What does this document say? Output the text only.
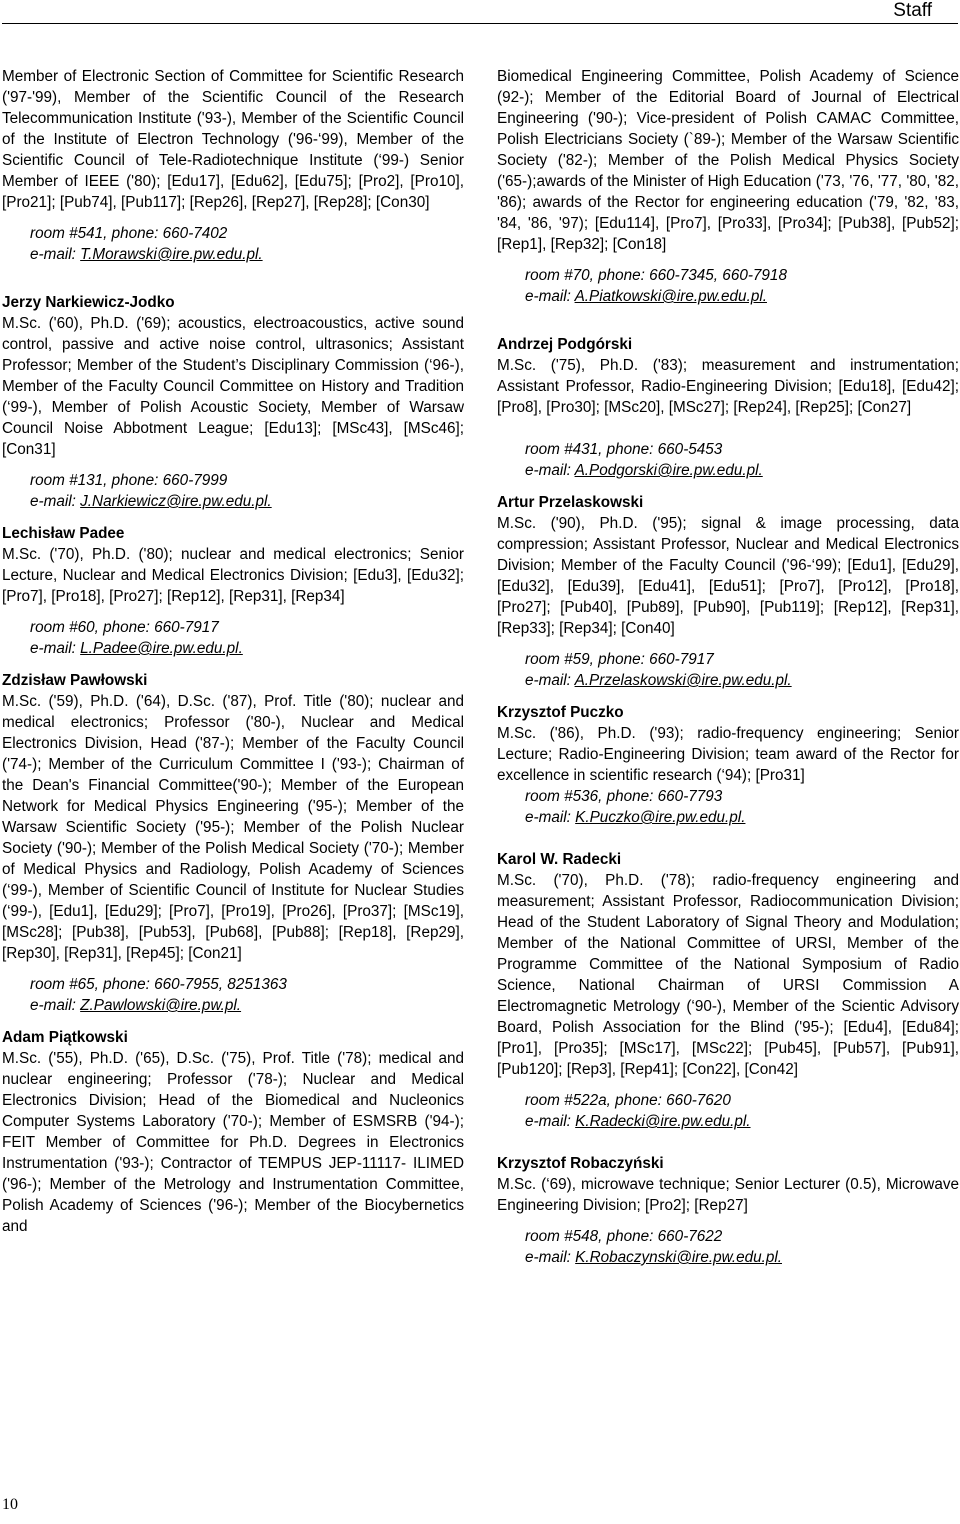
Staff

Member of Electronic Section of Committee for Scientific Research ('97-'99), Member of the Scientific Council of the Research Telecommunication Institute ('93-), Member of the Scientific Council of the Institute of Electron Technology ('96-‘99), Member of the Scientific Council of Tele-Radiotechnique Institute (‘99-) Senior Member of IEEE ('80); [Edu17], [Edu62], [Edu75]; [Pro2], [Pro10], [Pro21]; [Pub74], [Pub117]; [Rep26], [Rep27], [Rep28]; [Con30]

room #541, phone: 660-7402

e-mail: T.Morawski@ire.pw.edu.pl.

Jerzy Narkiewicz-Jodko

M.Sc. ('60), Ph.D. ('69); acoustics, electroacoustics, active sound control, passive and active noise control, ultrasonics; Assistant Professor; Member of the Student’s Disciplinary Commission (‘96-), Member of the Faculty Council Committee on History and Tradition (‘99-), Member of Polish Acoustic Society, Member of Warsaw Council Noise Abbotment League; [Edu13]; [MSc43], [MSc46]; [Con31]

room #131, phone: 660-7999

e-mail: J.Narkiewicz@ire.pw.edu.pl.

Lechisław Padee

M.Sc. ('70), Ph.D. ('80); nuclear and medical electronics; Senior Lecture, Nuclear and Medical Electronics Division; [Edu3], [Edu32]; [Pro7], [Pro18], [Pro27]; [Rep12], [Rep31], [Rep34]

room #60, phone: 660-7917

e-mail: L.Padee@ire.pw.edu.pl.

Zdzisław Pawłowski

M.Sc. ('59), Ph.D. ('64), D.Sc. ('87), Prof. Title ('80); nuclear and medical electronics; Professor ('80-), Nuclear and Medical Electronics Division, Head ('87-); Member of the Faculty Council ('74-); Member of the Curriculum Committee I ('93-); Chairman of the Dean's Financial Committee('90-); Member of the European Network for Medical Physics Engineering ('95-); Member of the Warsaw Scientific Society ('95-); Member of the Polish Nuclear Society ('90-); Member of the Polish Medical Society ('70-); Member of Medical Physics and Radiology, Polish Academy of Sciences (‘99-), Member of Scientific Council of Institute for Nuclear Studies (‘99-), [Edu1], [Edu29]; [Pro7], [Pro19], [Pro26], [Pro37]; [MSc19], [MSc28]; [Pub38], [Pub53], [Pub68], [Pub88]; [Rep18], [Rep29], [Rep30], [Rep31], [Rep45]; [Con21]

room #65, phone: 660-7955, 8251363

e-mail: Z.Pawlowski@ire.pw.pl.

Adam Piątkowski

M.Sc. ('55), Ph.D. ('65), D.Sc. ('75), Prof. Title ('78); medical and nuclear engineering; Professor ('78-); Nuclear and Medical Electronics Division; Head of the Biomedical and Nucleonics Computer Systems Laboratory ('70-); Member of ESMSRB ('94-); FEIT Member of Committee for Ph.D. Degrees in Electronics Instrumentation ('93-); Contractor of TEMPUS JEP-11117- ILIMED ('96-); Member of the Metrology and Instrumentation Committee, Polish Academy of Sciences ('96-); Member of the Biocybernetics and

Biomedical Engineering Committee, Polish Academy of Science (92-); Member of the Editorial Board of Journal of Electrical Engineering ('90-); Vice-president of Polish CAMAC Committee, Polish Electricians Society (`89-); Member of the Warsaw Scientific Society ('82-); Member of the Polish Medical Physics Society ('65-);awards of the Minister of High Education ('73, '76, '77, '80, '82, '86); awards of the Rector for engineering education ('79, '82, '83, '84, '86, '97); [Edu114], [Pro7], [Pro33], [Pro34]; [Pub38], [Pub52]; [Rep1], [Rep32]; [Con18]

room #70, phone: 660-7345, 660-7918

e-mail: A.Piatkowski@ire.pw.edu.pl.

Andrzej Podgórski

M.Sc. ('75), Ph.D. ('83); measurement and instrumentation; Assistant Professor, Radio-Engineering Division; [Edu18], [Edu42]; [Pro8], [Pro30]; [MSc20], [MSc27]; [Rep24], [Rep25]; [Con27]

room #431, phone: 660-5453

e-mail: A.Podgorski@ire.pw.edu.pl.

Artur Przelaskowski

M.Sc. ('90), Ph.D. ('95); signal & image processing, data compression; Assistant Professor, Nuclear and Medical Electronics Division; Member of the Faculty Council ('96-‘99); [Edu1], [Edu29], [Edu32], [Edu39], [Edu41], [Edu51]; [Pro7], [Pro12], [Pro18], [Pro27]; [Pub40], [Pub89], [Pub90], [Pub119]; [Rep12], [Rep31], [Rep33]; [Rep34]; [Con40]

room #59, phone: 660-7917

e-mail: A.Przelaskowski@ire.pw.edu.pl.

Krzysztof Puczko

M.Sc. ('86), Ph.D. ('93); radio-frequency engineering; Senior Lecture; Radio-Engineering Division; team award of the Rector for excellence in scientific research (‘94); [Pro31]

room #536, phone: 660-7793

e-mail: K.Puczko@ire.pw.edu.pl.

Karol W. Radecki

M.Sc. ('70), Ph.D. ('78); radio-frequency engineering and measurement; Assistant Professor, Radiocommunication Division; Head of the Student Laboratory of Signal Theory and Modulation; Member of the National Committee of URSI, Member of the Programme Committee of the National Symposium of Radio Science, National Chairman of URSI Commission A Electromagnetic Metrology (‘90-), Member of the Scientic Advisory Board, Polish Association for the Blind ('95-); [Edu4], [Edu84]; [Pro1], [Pro35]; [MSc17], [MSc22]; [Pub45], [Pub57], [Pub91], [Pub120]; [Rep3], [Rep41]; [Con22], [Con42]

room #522a, phone: 660-7620

e-mail: K.Radecki@ire.pw.edu.pl.

Krzysztof Robaczyński

M.Sc. (‘69), microwave technique; Senior Lecturer (0.5), Microwave Engineering Division; [Pro2]; [Rep27]

room #548, phone: 660-7622

e-mail: K.Robaczynski@ire.pw.edu.pl.

10
